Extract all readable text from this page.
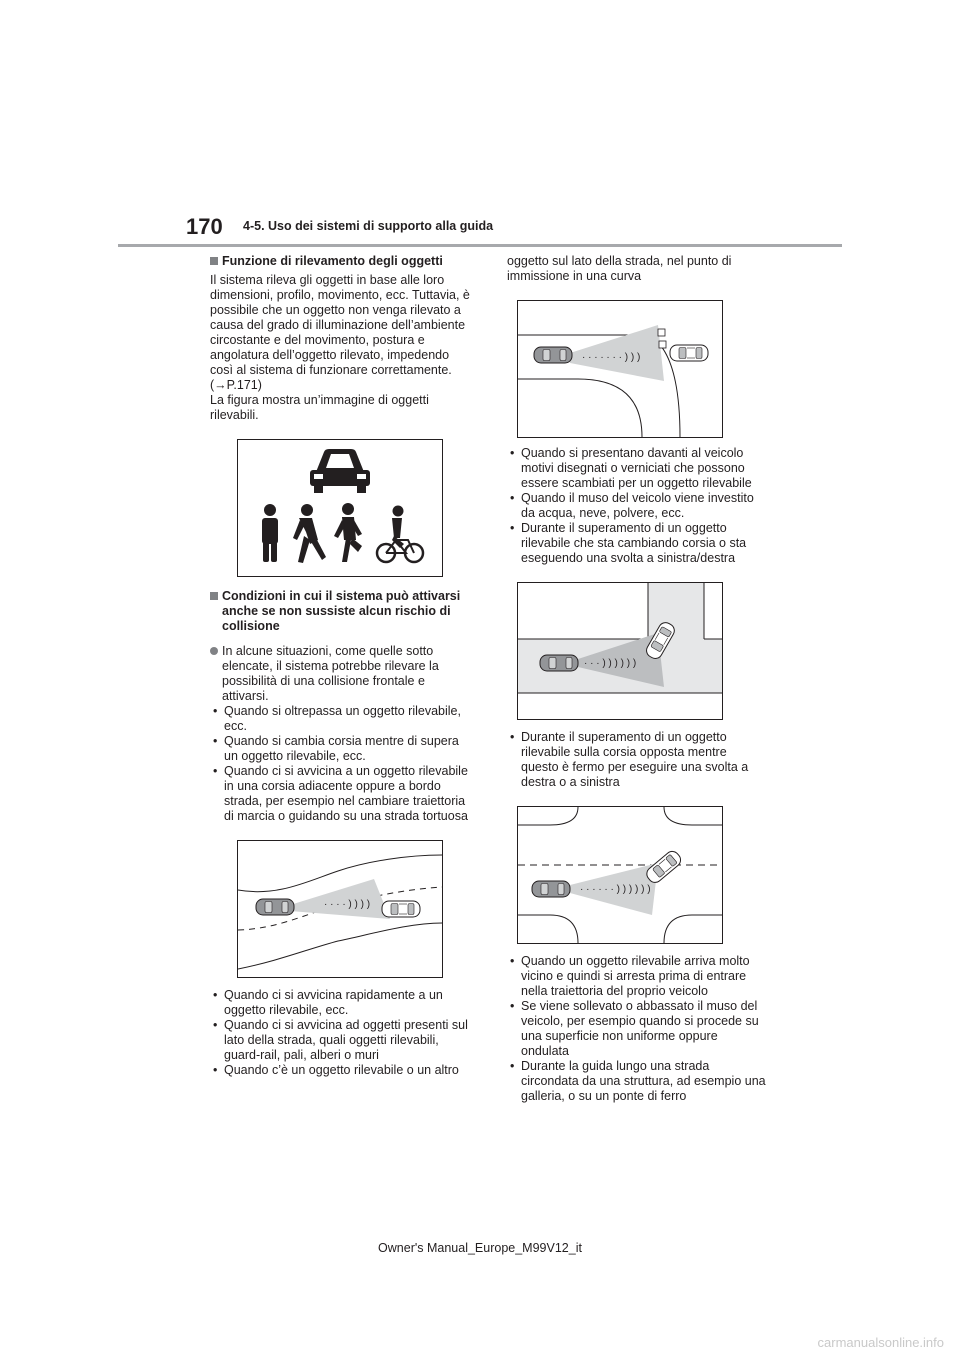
170 4-5. Uso dei sistemi di supporto alla guida
Funzione di rilevamento degli oggetti

Il sistema rileva gli oggetti in base alle loro dimensioni, profilo, movimento, ecc. Tuttavia, è possibile che un oggetto non venga rilevato a causa del grado di illuminazione dell’ambiente circostante e del movimento, postura e angolatura dell’oggetto rilevato, impedendo così al sistema di funzionare correttamente. (→P.171)

La figura mostra un’immagine di oggetti rilevabili.

Condizioni in cui il sistema può attivarsi anche se non sussiste alcun rischio di collisione
In alcune situazioni, come quelle sotto elencate, il sistema potrebbe rilevare la possibilità di una collisione frontale e attivarsi.
• Quando si oltrepassa un oggetto rilevabile, ecc.
• Quando si cambia corsia mentre di supera un oggetto rilevabile, ecc.
• Quando ci si avvicina a un oggetto rilevabile in una corsia adiacente oppure a bordo strada, per esempio nel cambiare traiettoria di marcia o guidando su una strada tortuosa
· · · · ) ) ) )
• Quando ci si avvicina rapidamente a un oggetto rilevabile, ecc.
• Quando ci si avvicina ad oggetti presenti sul lato della strada, quali oggetti rilevabili, guard-rail, pali, alberi o muri
• Quando c’è un oggetto rilevabile o un altro
oggetto sul lato della strada, nel punto di immissione in una curva
· · · · · · · ) ) )
• Quando si presentano davanti al veicolo motivi disegnati o verniciati che possono essere scambiati per un oggetto rilevabile
• Quando il muso del veicolo viene investito da acqua, neve, polvere, ecc.
• Durante il superamento di un oggetto rilevabile che sta cambiando corsia o sta eseguendo una svolta a sinistra/destra
· · · ) ) ) ) ) )
• Durante il superamento di un oggetto rilevabile sulla corsia opposta mentre questo è fermo per eseguire una svolta a destra o a sinistra
· · · · · · ) ) ) ) ) )
• Quando un oggetto rilevabile arriva molto vicino e quindi si arresta prima di entrare nella traiettoria del proprio veicolo
• Se viene sollevato o abbassato il muso del veicolo, per esempio quando si procede su una superficie non uniforme oppure ondulata
• Durante la guida lungo una strada circondata da una struttura, ad esempio una galleria, o su un ponte di ferro
Owner's Manual_Europe_M99V12_it
carmanualsonline.info
